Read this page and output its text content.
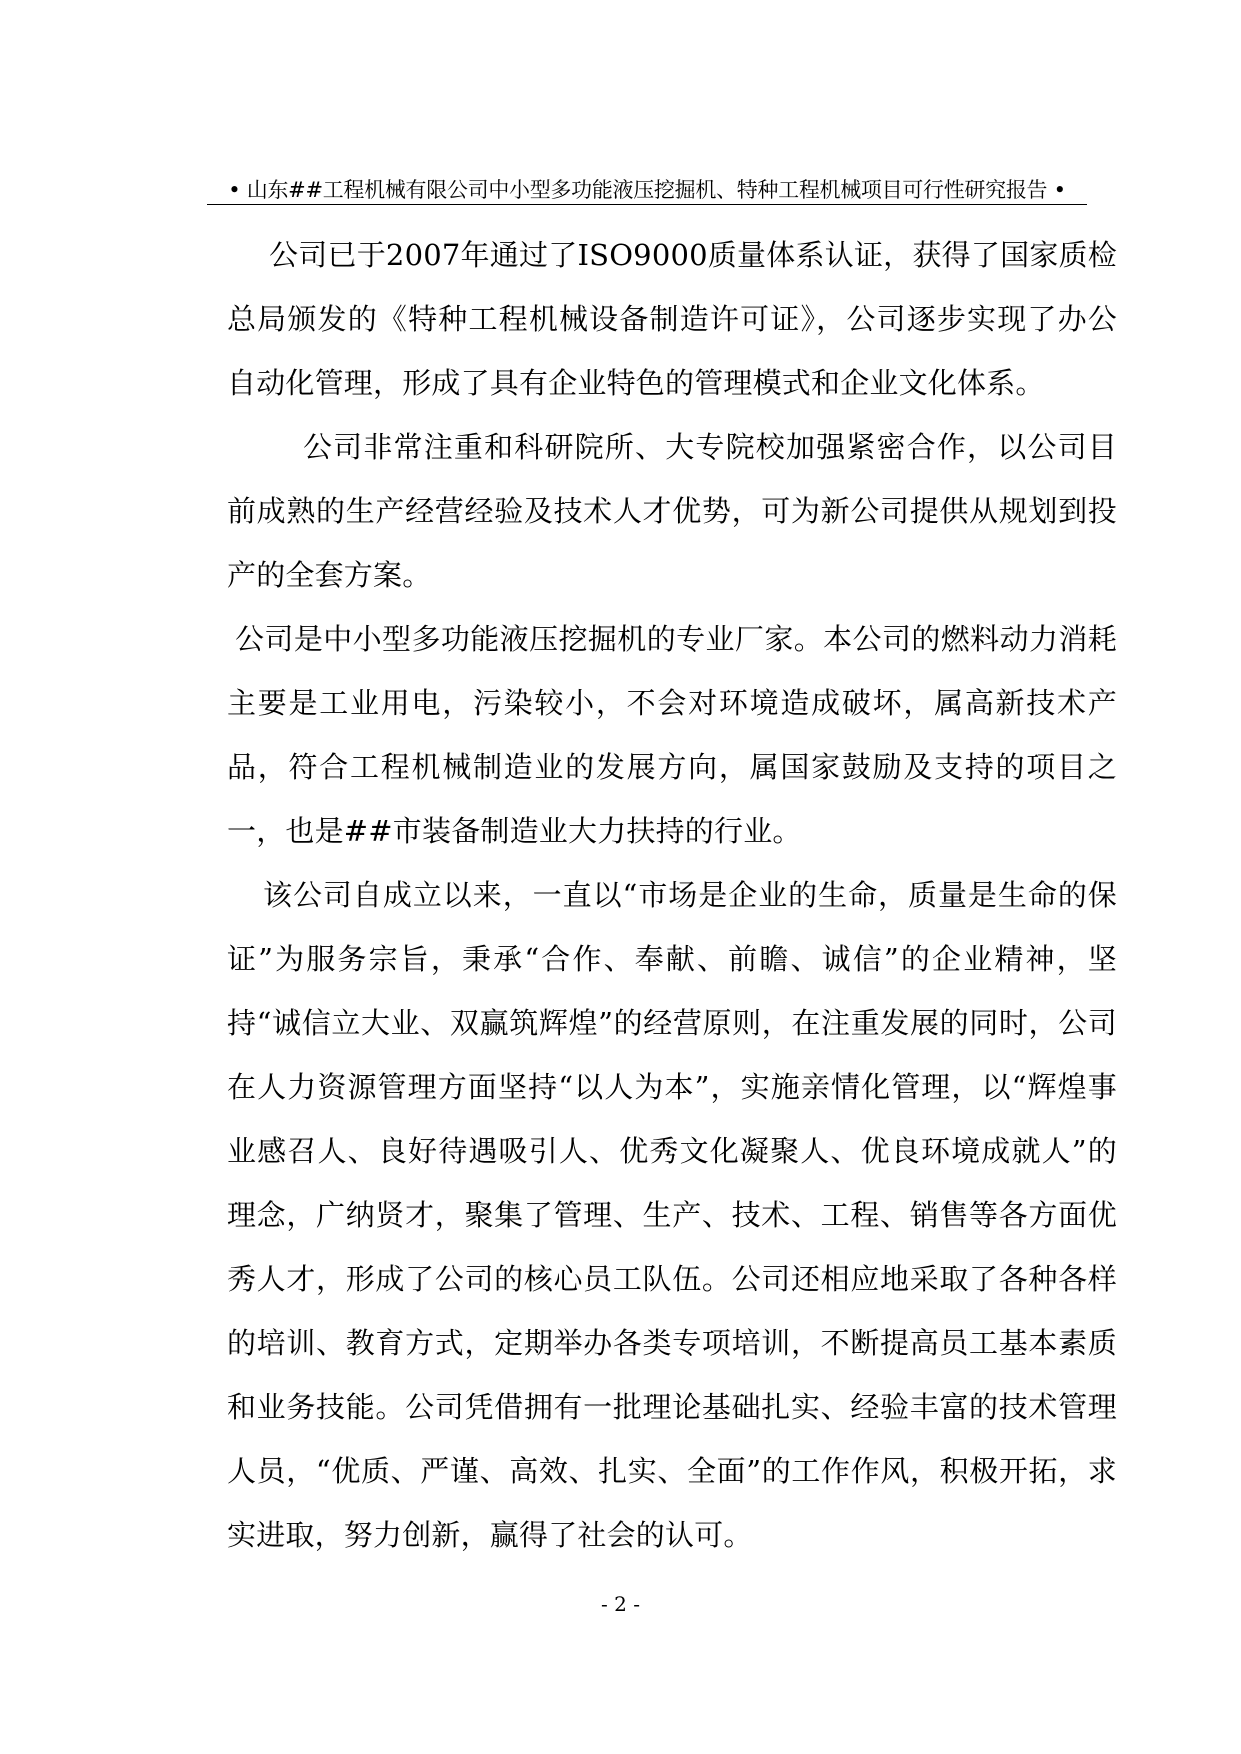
• 山东##工程机械有限公司中小型多功能液压挖掘机、特种工程机械项目可行性研究报告 •

公司已于2007年通过了ISO9000质量体系认证，获得了国家质检总局颁发的《特种工程机械设备制造许可证》，公司逐步实现了办公自动化管理，形成了具有企业特色的管理模式和企业文化体系。

公司非常注重和科研院所、大专院校加强紧密合作，以公司目前成熟的生产经营经验及技术人才优势，可为新公司提供从规划到投产的全套方案。

公司是中小型多功能液压挖掘机的专业厂家。本公司的燃料动力消耗主要是工业用电，污染较小，不会对环境造成破坏，属高新技术产品，符合工程机械制造业的发展方向，属国家鼓励及支持的项目之一，也是##市装备制造业大力扶持的行业。

该公司自成立以来，一直以“市场是企业的生命，质量是生命的保证”为服务宗旨，秉承“合作、奉献、前瞻、诚信”的企业精神，坚持“诚信立大业、双赢筑辉煌”的经营原则，在注重发展的同时，公司在人力资源管理方面坚持“以人为本”，实施亲情化管理，以“辉煌事业感召人、良好待遇吸引人、优秀文化凝聚人、优良环境成就人”的理念，广纳贤才，聚集了管理、生产、技术、工程、销售等各方面优秀人才，形成了公司的核心员工队伍。公司还相应地采取了各种各样的培训、教育方式，定期举办各类专项培训，不断提高员工基本素质和业务技能。公司凭借拥有一批理论基础扎实、经验丰富的技术管理人员，“优质、严谨、高效、扎实、全面”的工作作风，积极开拓，求实进取，努力创新，赢得了社会的认可。

- 2 -
